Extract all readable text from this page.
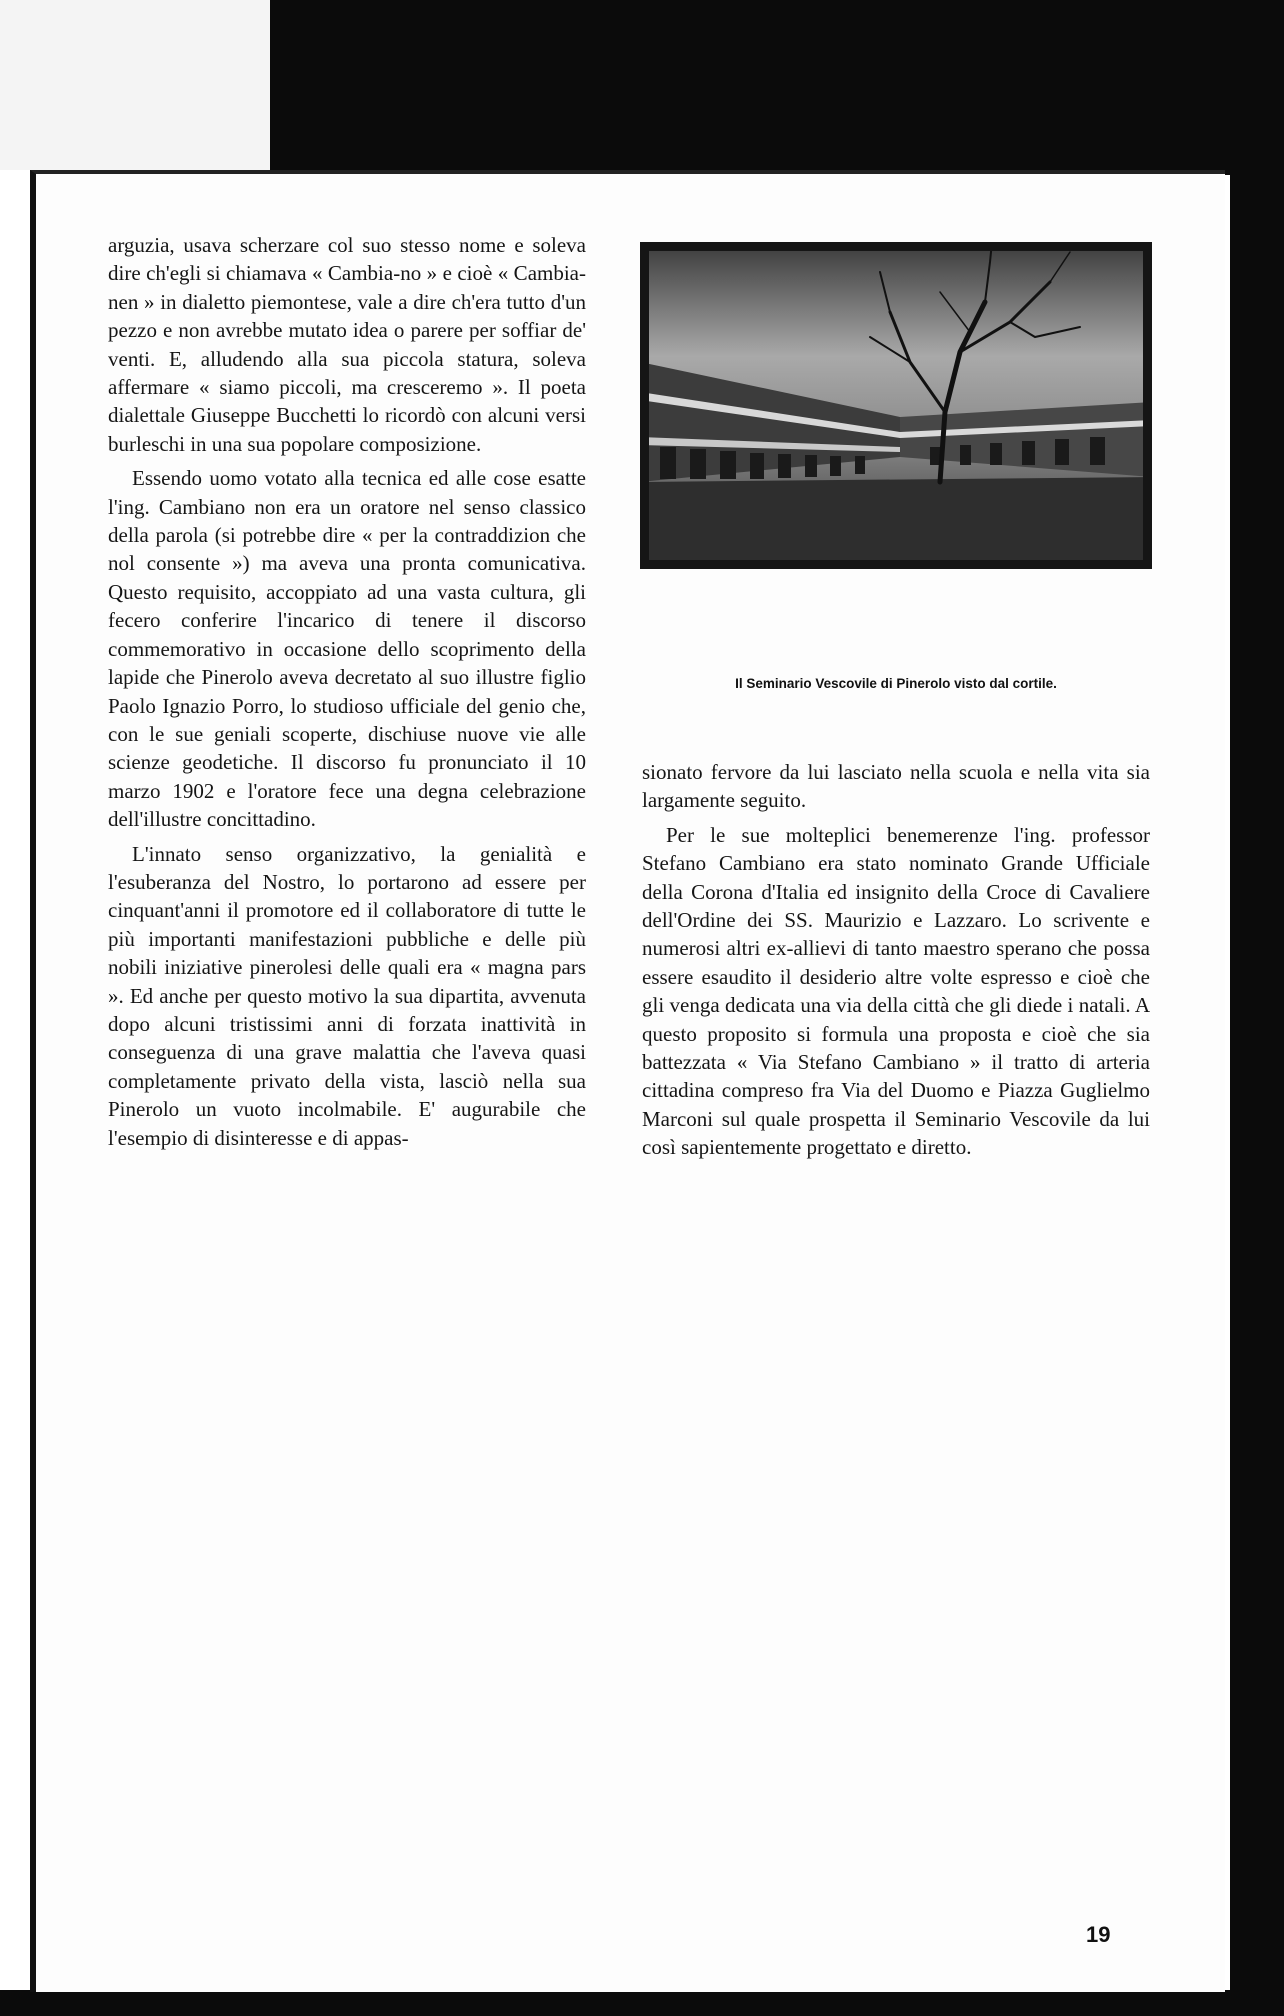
arguzia, usava scherzare col suo stesso nome e soleva dire ch'egli si chiamava « Cambia-no » e cioè « Cambia-nen » in dialetto piemontese, vale a dire ch'era tutto d'un pezzo e non avrebbe mutato idea o parere per soffiar de' venti. E, alludendo alla sua piccola statura, soleva affermare « siamo piccoli, ma cresceremo ». Il poeta dialettale Giuseppe Bucchetti lo ricordò con alcuni versi burleschi in una sua popolare composizione.

Essendo uomo votato alla tecnica ed alle cose esatte l'ing. Cambiano non era un oratore nel senso classico della parola (si potrebbe dire « per la contraddizion che nol consente ») ma aveva una pronta comunicativa. Questo requisito, accoppiato ad una vasta cultura, gli fecero conferire l'incarico di tenere il discorso commemorativo in occasione dello scoprimento della lapide che Pinerolo aveva decretato al suo illustre figlio Paolo Ignazio Porro, lo studioso ufficiale del genio che, con le sue geniali scoperte, dischiuse nuove vie alle scienze geodetiche. Il discorso fu pronunciato il 10 marzo 1902 e l'oratore fece una degna celebrazione dell'illustre concittadino.

L'innato senso organizzativo, la genialità e l'esuberanza del Nostro, lo portarono ad essere per cinquant'anni il promotore ed il collaboratore di tutte le più importanti manifestazioni pubbliche e delle più nobili iniziative pinerolesi delle quali era « magna pars ». Ed anche per questo motivo la sua dipartita, avvenuta dopo alcuni tristissimi anni di forzata inattività in conseguenza di una grave malattia che l'aveva quasi completamente privato della vista, lasciò nella sua Pinerolo un vuoto incolmabile. E' augurabile che l'esempio di disinteresse e di appas-

Il Seminario Vescovile di Pinerolo visto dal cortile.

sionato fervore da lui lasciato nella scuola e nella vita sia largamente seguito.

Per le sue molteplici benemerenze l'ing. professor Stefano Cambiano era stato nominato Grande Ufficiale della Corona d'Italia ed insignito della Croce di Cavaliere dell'Ordine dei SS. Maurizio e Lazzaro. Lo scrivente e numerosi altri ex-allievi di tanto maestro sperano che possa essere esaudito il desiderio altre volte espresso e cioè che gli venga dedicata una via della città che gli diede i natali. A questo proposito si formula una proposta e cioè che sia battezzata « Via Stefano Cambiano » il tratto di arteria cittadina compreso fra Via del Duomo e Piazza Guglielmo Marconi sul quale prospetta il Seminario Vescovile da lui così sapientemente progettato e diretto.

19
